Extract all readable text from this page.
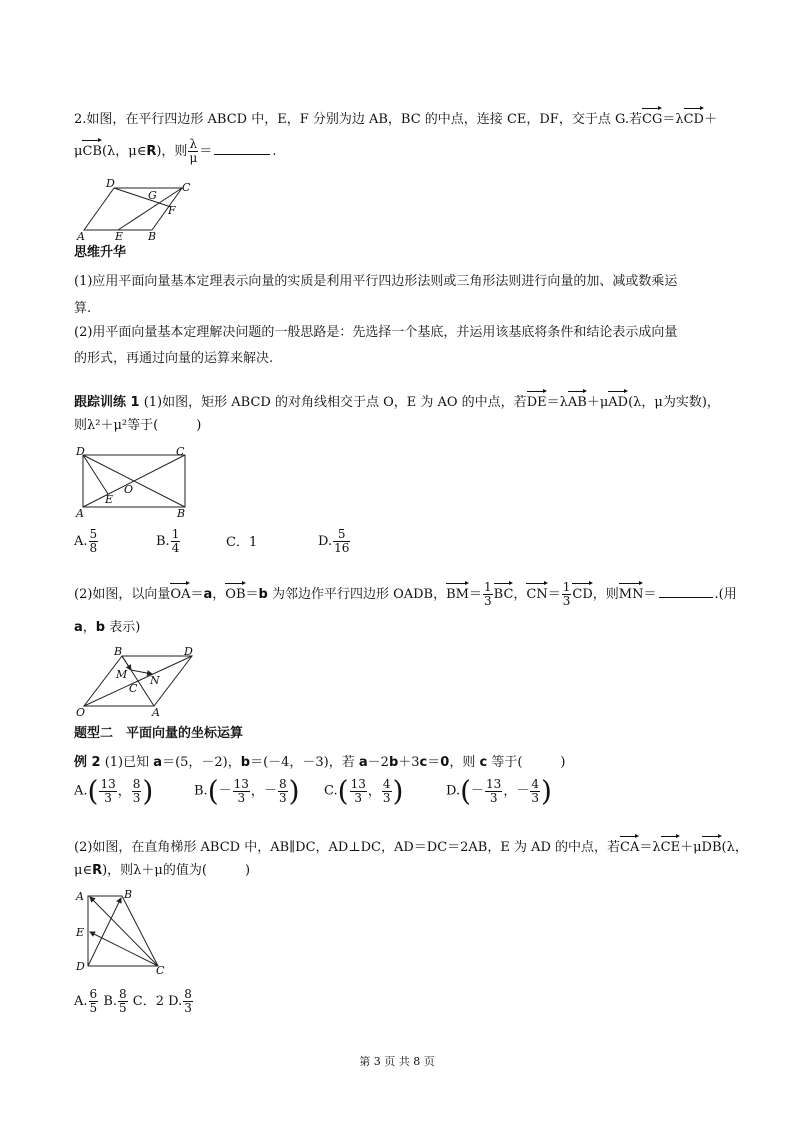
2.如图，在平行四边形 ABCD 中，E，F 分别为边 AB，BC 的中点，连接 CE，DF，交于点 G.若CG＝λCD＋
μCB(λ，μ∈R)，则 $\frac{\lambda}{\mu}$ ＝	.
D	C
G
F
A	E B
思维升华
(1)应用平面向量基本定理表示向量的实质是利用平行四边形法则或三角形法则进行向量的加、减或数乘运
算.
(2)用平面向量基本定理解决问题的一般思路是：先选择一个基底，并运用该基底将条件和结论表示成向量
的形式，再通过向量的运算来解决.
跟踪训练 1 (1)如图，矩形 ABCD 的对角线相交于点 O，E 为 AO 的中点，若DE＝λAB＋μAD(λ，μ为实数)，
则λ²＋μ²等于(	)
D	C
O
E
A	B
A. $\frac{5}{8}$	B. $\frac{1}{4}$	C．1	D. $\frac{5}{16}$
(2)如图，以向量OA＝a，OB＝b 为邻边作平行四边形 OADB，$BM= \frac{1}{3}$ BC，$CN= \frac{1}{3}$ CD，则MN＝	.(用
a，b 表示)
B	D
M N
C
O	A
题型二　平面向量的坐标运算
例 2 (1)已知 a＝(5，－2)，b＝(－4，－3)，若 a－2b＋3c＝0，则 c 等于(	)
$A.( \frac{13}{3}$ ， $\frac{8}{3}$ )	$B.(- \frac{13}{3}$ ，－ $\frac{8}{3}$ ) $C.( \frac{13}{3}$ ， $\frac{4}{3}$ )	$D.(- \frac{13}{3}$ ，－ $\frac{4}{3}$ )
(2)如图，在直角梯形 ABCD 中，AB∥DC，AD⊥DC，AD＝DC＝2AB，E 为 AD 的中点，若CA＝λCE＋μDB(λ，
μ∈R)，则λ＋μ的值为(	)
A	B
E
D	C
A. $\frac{6}{5} B$. $\frac{8}{5}$ C．2 D. $\frac{8}{3}$
第 3 页 共 8 页
